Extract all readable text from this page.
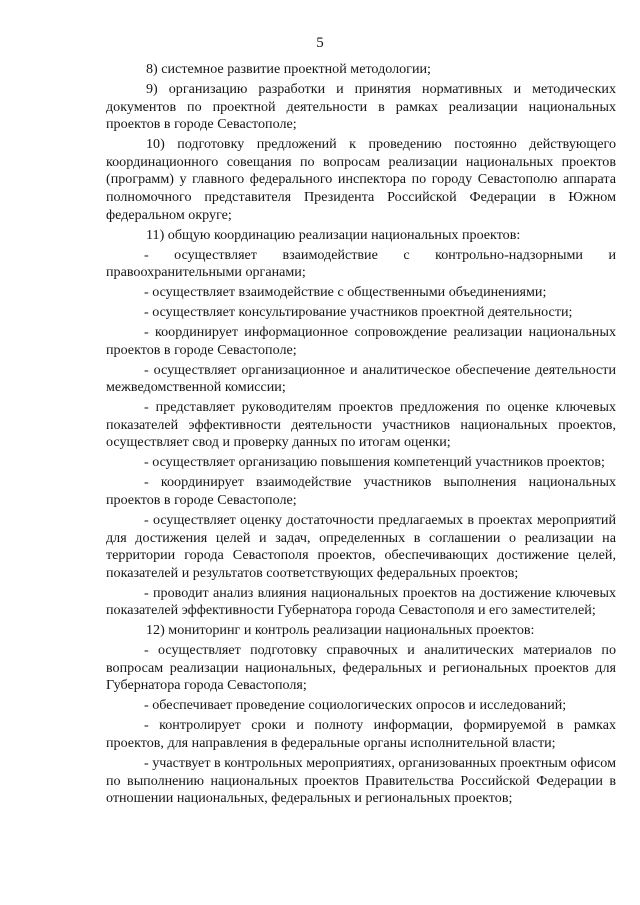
5

8) системное развитие проектной методологии;

9) организацию разработки и принятия нормативных и методических документов по проектной деятельности в рамках реализации национальных проектов в городе Севастополе;

10) подготовку предложений к проведению постоянно действующего координационного совещания по вопросам реализации национальных проектов (программ) у главного федерального инспектора по городу Севастополю аппарата полномочного представителя Президента Российской Федерации в Южном федеральном округе;

11) общую координацию реализации национальных проектов:

- осуществляет взаимодействие с контрольно-надзорными и правоохранительными органами;

- осуществляет взаимодействие с общественными объединениями;

- осуществляет консультирование участников проектной деятельности;

- координирует информационное сопровождение реализации национальных проектов в городе Севастополе;

- осуществляет организационное и аналитическое обеспечение деятельности межведомственной комиссии;

- представляет руководителям проектов предложения по оценке ключевых показателей эффективности деятельности участников национальных проектов, осуществляет свод и проверку данных по итогам оценки;

- осуществляет организацию повышения компетенций участников проектов;

- координирует взаимодействие участников выполнения национальных проектов в городе Севастополе;

- осуществляет оценку достаточности предлагаемых в проектах мероприятий для достижения целей и задач, определенных в соглашении о реализации на территории города Севастополя проектов, обеспечивающих достижение целей, показателей и результатов соответствующих федеральных проектов;

- проводит анализ влияния национальных проектов на достижение ключевых показателей эффективности Губернатора города Севастополя и его заместителей;

12) мониторинг и контроль реализации национальных проектов:

- осуществляет подготовку справочных и аналитических материалов по вопросам реализации национальных, федеральных и региональных проектов для Губернатора города Севастополя;

- обеспечивает проведение социологических опросов и исследований;

- контролирует сроки и полноту информации, формируемой в рамках проектов, для направления в федеральные органы исполнительной власти;

- участвует в контрольных мероприятиях, организованных проектным офисом по выполнению национальных проектов Правительства Российской Федерации в отношении национальных, федеральных и региональных проектов;
